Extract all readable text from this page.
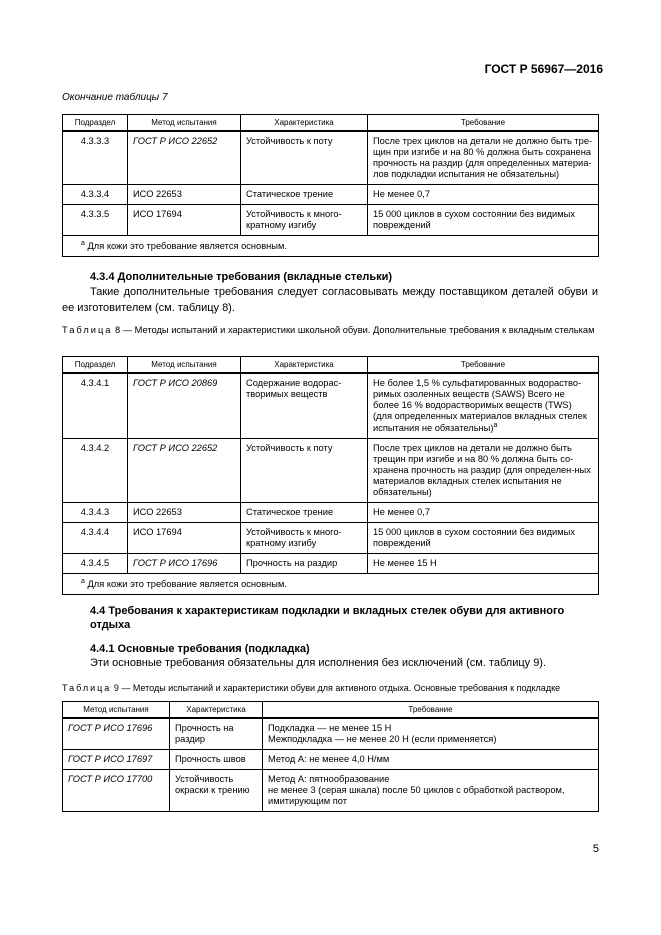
ГОСТ Р 56967—2016
Окончание таблицы 7
Подраздел	Метод испытания	Характеристика	Требование
4.3.3.3	ГОСТ Р ИСО 22652	Устойчивость к поту	После трех циклов на детали не должно быть тре-щин при изгибе и на 80 % должна быть сохранена прочность на раздир (для определенных материа-лов подкладки испытания не обязательны)
4.3.3.4	ИСО 22653	Статическое трение	Не менее 0,7
4.3.3.5	ИСО 17694	Устойчивость к много-кратному изгибу	15 000 циклов в сухом состоянии без видимых повреждений
$^а$ Для кожи это требование является основным.			
4.3.4 Дополнительные требования (вкладные стельки)
Такие дополнительные требования следует согласовывать между поставщиком деталей обуви и ее изготовителем (см. таблицу 8).
Таблица 8 — Методы испытаний и характеристики школьной обуви. Дополнительные требования к вкладным стелькам
Подраздел	Метод испытания	Характеристика	Требование
4.3.4.1	ГОСТ Р ИСО 20869	Содержание водорас-творимых веществ	Не более 1,5 % сульфатированных водораство-римых озоленных веществ (SAWS) Всего не более 16 % водорастворимых веществ (TWS) (для определенных материалов вкладных стелек испытания не обязательны)$^а$
4.3.4.2	ГОСТ Р ИСО 22652	Устойчивость к поту	После трех циклов на детали не должно быть трещин при изгибе и на 80 % должна быть со-хранена прочность на раздир (для определен-ных материалов вкладных стелек испытания не обязательны)
4.3.4.3	ИСО 22653	Статическое трение	Не менее 0,7
4.3.4.4	ИСО 17694	Устойчивость к много-кратному изгибу	15 000 циклов в сухом состоянии без видимых повреждений
4.3.4.5	ГОСТ Р ИСО 17696	Прочность на раздир	Не менее 15 Н
$^а$ Для кожи это требование является основным.			
4.4 Требования к характеристикам подкладки и вкладных стелек обуви для активного
отдыха
4.4.1 Основные требования (подкладка)
Эти основные требования обязательны для исполнения без исключений (см. таблицу 9).
Таблица 9 — Методы испытаний и характеристики обуви для активного отдыха. Основные требования к подкладке
Метод испытания	Характеристика	Требование
ГОСТ Р ИСО 17696	Прочность на раздир	Подкладка — не менее 15 Н
Межподкладка — не менее 20 Н (если применяется)

ГОСТ Р ИСО 17697	Прочность швов	Метод А: не менее 4,0 Н/мм
ГОСТ Р ИСО 17700	Устойчивость окраски к трению	Метод А: пятнообразование
не менее 3 (серая шкала) после 50 циклов с обработкой раствором, имитирующим пот
5
